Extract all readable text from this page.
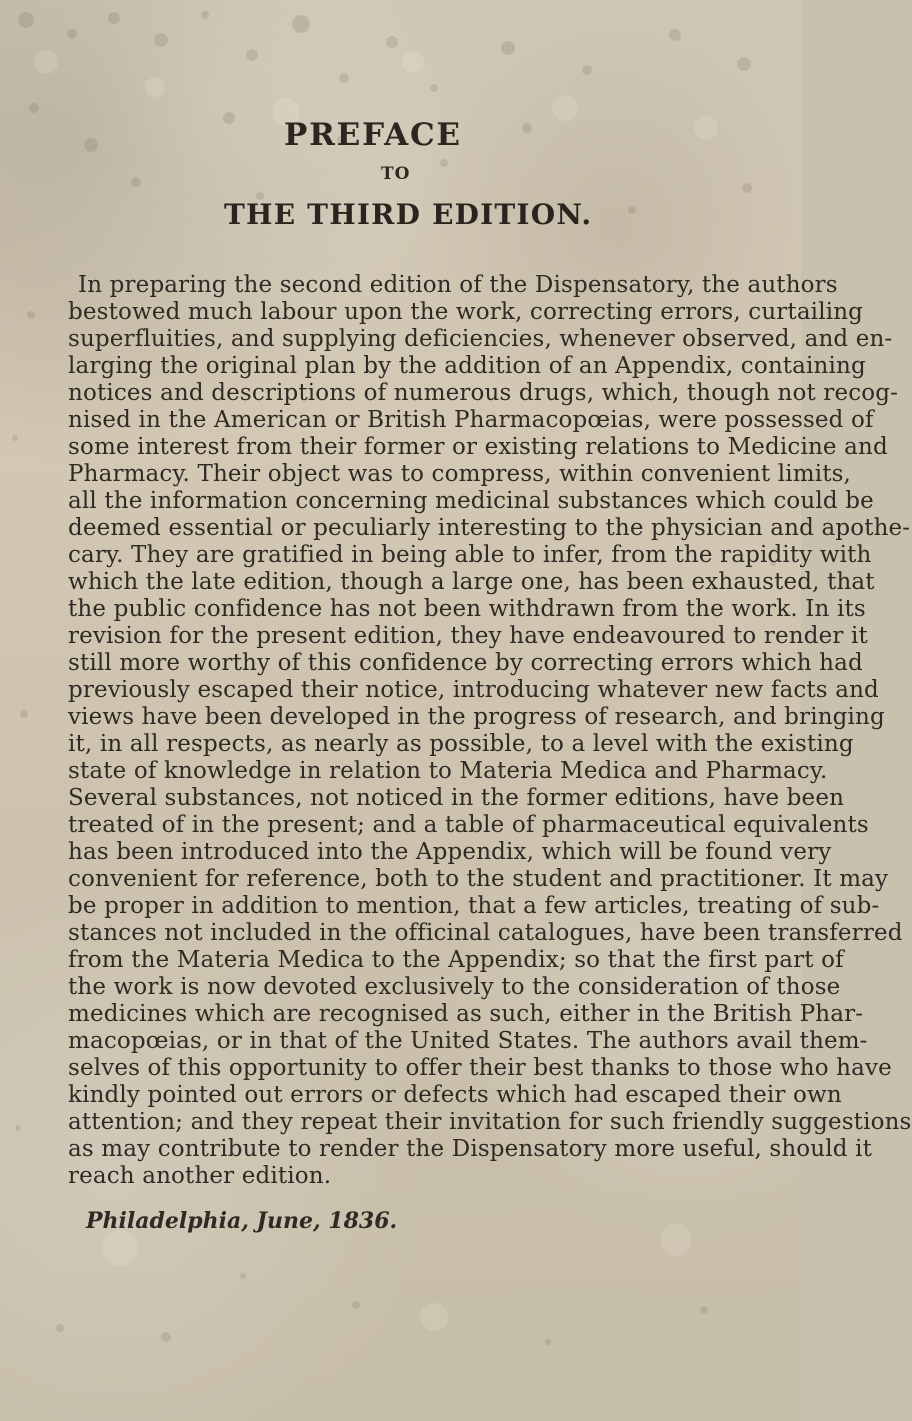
PREFACE
TO
THE THIRD EDITION.
In preparing the second edition of the Dispensatory, the authors
bestowed much labour upon the work, correcting errors, curtailing
superfluities, and supplying deficiencies, whenever observed, and en-
larging the original plan by the addition of an Appendix, containing
notices and descriptions of numerous drugs, which, though not recog-
nised in the American or British Pharmacopœias, were possessed of
some interest from their former or existing relations to Medicine and
Pharmacy. Their object was to compress, within convenient limits,
all the information concerning medicinal substances which could be
deemed essential or peculiarly interesting to the physician and apothe-
cary. They are gratified in being able to infer, from the rapidity with
which the late edition, though a large one, has been exhausted, that
the public confidence has not been withdrawn from the work. In its
revision for the present edition, they have endeavoured to render it
still more worthy of this confidence by correcting errors which had
previously escaped their notice, introducing whatever new facts and
views have been developed in the progress of research, and bringing
it, in all respects, as nearly as possible, to a level with the existing
state of knowledge in relation to Materia Medica and Pharmacy.
Several substances, not noticed in the former editions, have been
treated of in the present; and a table of pharmaceutical equivalents
has been introduced into the Appendix, which will be found very
convenient for reference, both to the student and practitioner. It may
be proper in addition to mention, that a few articles, treating of sub-
stances not included in the officinal catalogues, have been transferred
from the Materia Medica to the Appendix; so that the first part of
the work is now devoted exclusively to the consideration of those
medicines which are recognised as such, either in the British Phar-
macopœias, or in that of the United States. The authors avail them-
selves of this opportunity to offer their best thanks to those who have
kindly pointed out errors or defects which had escaped their own
attention; and they repeat their invitation for such friendly suggestions
as may contribute to render the Dispensatory more useful, should it
reach another edition.
Philadelphia, June, 1836.
